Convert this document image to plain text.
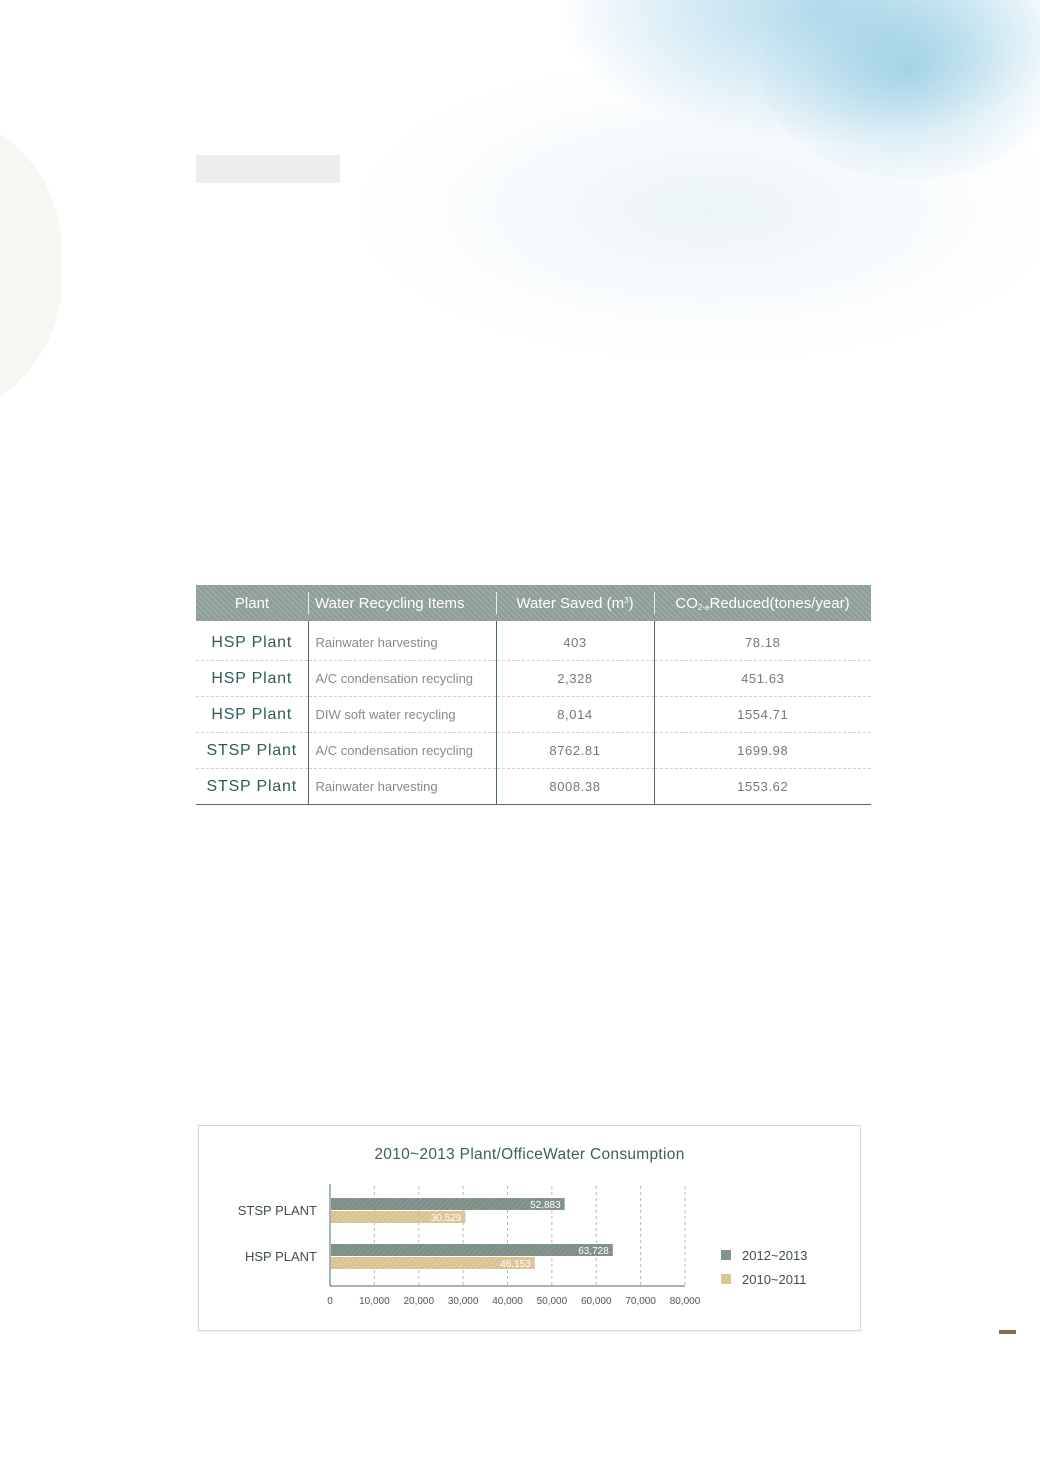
Plant	Water Recycling Items	Water Saved $(m^3)$	$CO_{2-e}Reduced(tones/year)$
HSP Plant	Rainwater harvesting	403	78.18
HSP Plant	A/C condensation recycling	2,328	451.63
HSP Plant	DIW soft water recycling	8,014	1554.71
STSP Plant	A/C condensation recycling	8762.81	1699.98
STSP Plant	Rainwater harvesting	8008.38	1553.62
2010~2013 Plant/OfficeWater Consumption
0	10,000 20,000 30,000 40,000 50,000 60,000 70,000 80,000
STSP PLANT	52,883
30,529
HSP PLANT	63,728
46,153
2012~2013
2010~2011
